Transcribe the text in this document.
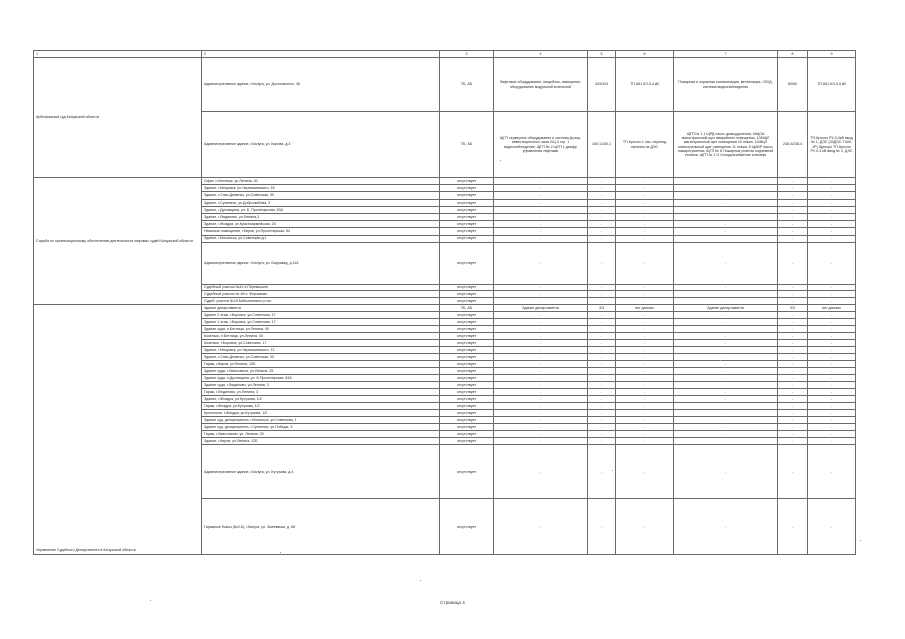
1	2	3	4	5	6	7	8	9
Арбитражный суд Калужской области	Административное здание, г.Калуга, ул. Достоевского, 48	ТБ, АБ	Лифтовое оборудование; пищеблок, освещение, оборудование модульной котельной	443/443	ТП-661 КЛ-0,4 кВ	Пожарная и охранная сигнализация, вентиляция, СКУД, система видеонаблюдения	60/60	ТП-661 КЛ-0,4 кВ
	Административное здание, г.Калуга, ул. Кирова, д.4	ТБ, АБ	ЩГП серверное оборудование и система Дозор, инвестиционного зала 2/Ц-3 стр. 1 видеонаблюдение, ЩГП № 2 ЩУП 1 диафр управления лифтами	160,1/160,1	ТП-Кросно-1 час, переход питания на ДЭС	ЩГП № 1 1 ЩРД насос дымоудаления, МЩОА магистральный щит аварийного освещения, 10МЩЛ магистральный щит освещения 10 этажа, 11МЩЛ магистральный щит освещения 11 этажа, 5 ЩАВР насос пожаротушения, ЩГП № 6 Пожарные розетки подземной стоянки, ЩГП № 1 О Холодоснабжение клапаны	238,4/238,4	ТП-Кросно РУ-0,4кВ ввод № 1, ДЭС (30ДЭС-Т400-1Р) Щрнчро ТП-Кросно РУ-0,4 кВ ввод № 2, ДЭС
Служба по организационному обеспечению деятельности мировых судей Калужской области	Офис, п.Бетлица, ул.Ленина, 40	отсутствует	-	-	-	-	-	-
	Здание, г.Мещовск, ул.Чернышевского, 18	отсутствует	-	-	-	-	-	-
	Здание, г.Спас-Деменск, ул.Советская, 90	отсутствует	-	-	-	-	-	-
	Здание, г.Сухиничи, ул.Добролюбова, 3	отсутствует	-	-	-	-	-	-
	Здание, г.Духовщина, ул. Б. Пролетарская, 63А	отсутствует	-	-	-	-	-	-
	Здание, г.Людиново, ул.Ленина,3	отсутствует	-	-	-	-	-	-
	Здание, г.Жиздра, ул.Красноармейская, 25	отсутствует	-	-	-	-	-	-
	Нежилые помещения, г.Киров, ул.Пролетарская, 64	отсутствует	-	-	-	-	-	-
	Здание, г.Мосальск, ул.Советская д.1	отсутствует	-	-	-	-	-	-
	Административное здание, г.Калуга, ул. Баррикад, д.116	отсутствует	-	-	-	-	-	-
	Судебный участок №41 в Перемышле	отсутствует	-	-	-	-	-	-
	Судебный участок № 46 п. Ферзиково	отсутствует	-	-	-	-	-	-
	Судеб. участок №16 Бабынинского р-на	отсутствует	-	-	-	-	-	-
Управление Судебного Департамента в Калужской области	Здание департамента	ТБ, АБ	Здание департамента	3/3	нет данных	Здание департамента	3/3	нет данных
	Здание 2 этаж, г.Боровск, ул.Советская, 17	отсутствует	-	-	-	-	-	-
	Здание 1 этаж, г.Боровск, ул.Советская, 17	отсутствует	-	-	-	-	-	-
	Здание суда, п.Бетлица, ул.Ленина, 40	отсутствует	-	-	-	-	-	-
	Козельск, п.Бетлица, ул.Ленина, 40	отсутствует	-	-	-	-	-	-
	Козельск, г.Боровск, ул.Советская, 17	отсутствует	-	-	-	-	-	-
	Здание, г.Мещовск, ул.Чернышевского, 12	отсутствует	-	-	-	-	-	-
	Здание, г.Спас-Деменск, ул.Советская, 90	отсутствует	-	-	-	-	-	-
	Гараж, г.Киров, ул.Ленина, 12Б	отсутствует	-	-	-	-	-	-
	Здание суда, г.Хвастовичи, ул.Ленина, 25	отсутствует	-	-	-	-	-	-
	Здание суда, п.Духовщина, ул. Б.Пролетарская, 63А	отсутствует	-	-	-	-	-	-
	Здание суда, г.Людиново, ул.Ленина, 3	отсутствует	-	-	-	-	-	-
	Гараж, г.Людиново, ул.Ленина, 3	отсутствует	-	-	-	-	-	-
	Здание, г.Жиздра, ул.Кутузова, 1/2	отсутствует	-	-	-	-	-	-
	Гараж, г.Жиздра, ул.Кутузова, 1/2	отсутствует	-	-	-	-	-	-
	Кресельни, г.Жиздра, ул.Кутузова, 1/2	отсутствует	-	-	-	-	-	-
	Здание суд. департамента, г.Мосальск, ул.Советская, 1	отсутствует	-	-	-	-	-	-
	Здание суд. департамента, г.Сухиничи, ул.Победы, 3	отсутствует	-	-	-	-	-	-
	Гараж, г.Хвастовичи, ул. Ленина, 25	отсутствует	-	-	-	-	-	-
	Здание, г.Киров, ул.Ленина, 12Б	отсутствует	-	-	-	-	-	-
	Административное здание, г.Калуга, ул. Кутузова, д.4	отсутствует	-	-	-	-	-	-
	Гаражные боксы (№2-5), г.Калуга, ул. Змеевская, д. 68	отсутствует	-	-	-	-	-	-
Страница 4
